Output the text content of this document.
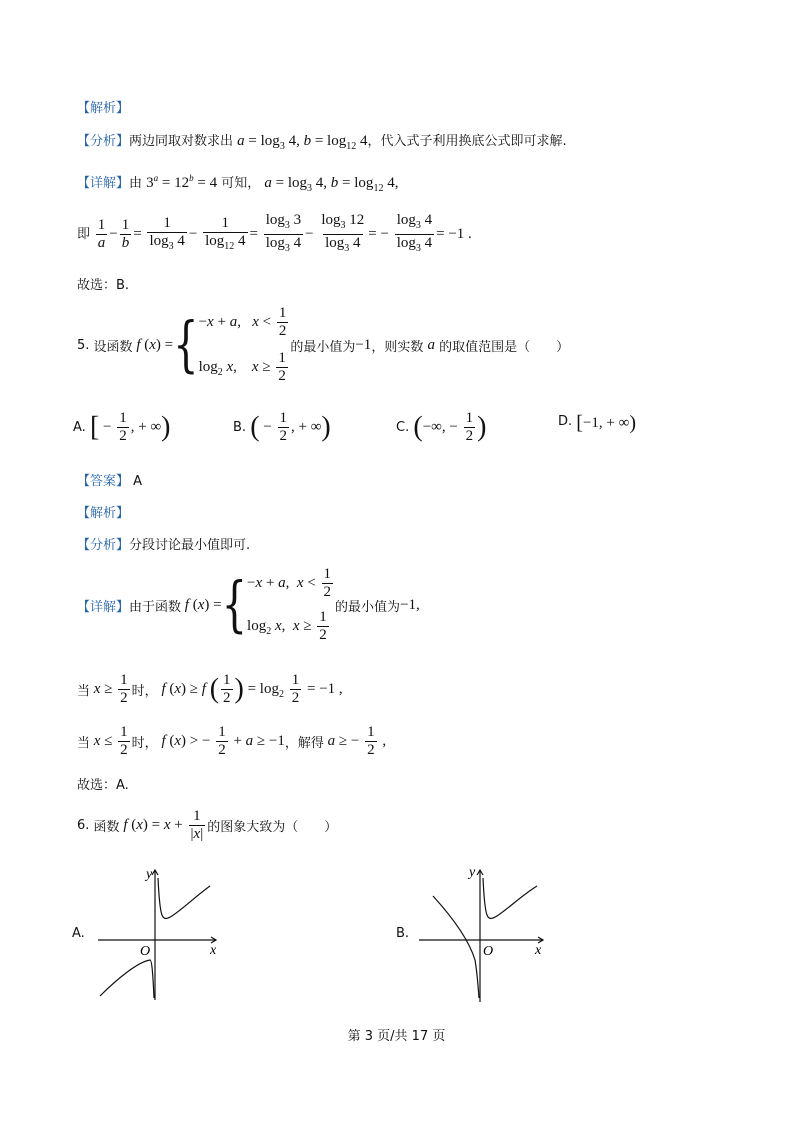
【解析】
【分析】两边同取对数求出 $a = \log_3 4$, $b = \log_{12} 4$，代入式子利用换底公式即可求解.
【详解】由 $3^a = 12^b = 4$ 可知， $a = \log_3 4$, $b = \log_{12} 4$,
即 $\frac{1}{a} - \frac{1}{b} = \frac{1}{\log_3 4} - \frac{1}{\log_{12} 4} = \frac{\log_3 3}{\log_3 4} - \frac{\log_3 12}{\log_3 4}$ = − $\frac{\log_3 4}{\log_3 4} = -1$ .
故选：B.
5.
设函数
f ( x ) = { −x + a,   $x < \frac{1}{2}$
$\log_2 x$,    $x \ge \frac{1}{2}$
的最小值为 −1 ，则实数
a
的取值范围是（　　）
A. [ − $\frac{1}{2}$ , + ∞)	B. ( − $\frac{1}{2}$ , + ∞)	C. (−∞, − $\frac{1}{2}$ )	D. [−1, + ∞)
【答案】 A
【解析】
【分析】分段讨论最小值即可.
【详解】 由于函数
f ( x ) = { −x + a,  $x < \frac{1}{2}$
$\log_2 x$,  $x \ge \frac{1}{2}$
的最小值为 −1,
当 $x \ge \frac{1}{2}$ 时， f (x) ≥ f ( $\frac{1}{2}$ ) = $\log_2 \frac{1}{2} = -1$ ,
当 $x \le \frac{1}{2}$ 时， f (x) > − $\frac{1}{2} + a \ge -1$ ，解得 a ≥ − $\frac{1}{2}$ ,
故选：A.
6.
函数 f $(x) = x + \frac{1}{|x|}$ 的图象大致为（　　）
A.
y
x
O
B.
y
x
O
第 3 页/共 17 页
